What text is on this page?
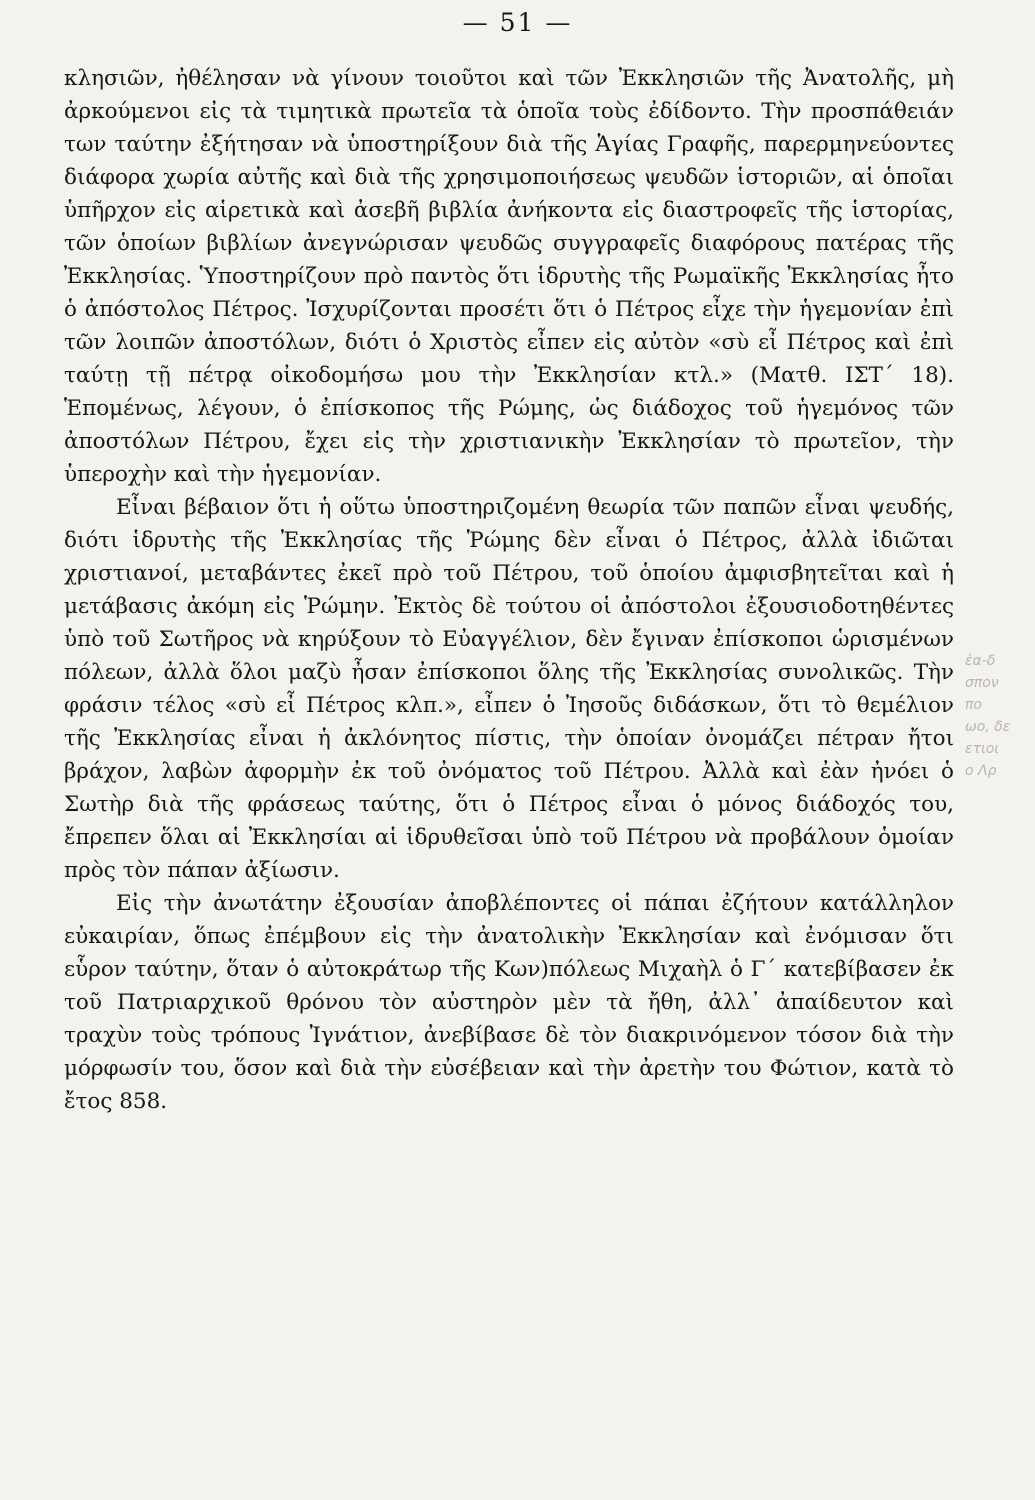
— 51 —

κλησιῶν, ἠθέλησαν νὰ γίνουν τοιοῦτοι καὶ τῶν Ἐκκλησιῶν τῆς Ἀνατολῆς, μὴ ἀρκούμενοι εἰς τὰ τιμητικὰ πρωτεῖα τὰ ὁποῖα τοὺς ἐδίδοντο. Τὴν προσπάθειάν των ταύτην ἐξήτησαν νὰ ὑποστηρίξουν διὰ τῆς Ἁγίας Γραφῆς, παρερμηνεύοντες διάφορα χωρία αὐτῆς καὶ διὰ τῆς χρησιμοποιήσεως ψευδῶν ἱστοριῶν, αἱ ὁποῖαι ὑπῆρχον εἰς αἱρετικὰ καὶ ἀσεβῆ βιβλία ἀνήκοντα εἰς διαστροφεῖς τῆς ἱστορίας, τῶν ὁποίων βιβλίων ἀνεγνώρισαν ψευδῶς συγγραφεῖς διαφόρους πατέρας τῆς Ἐκκλησίας. Ὑποστηρίζουν πρὸ παντὸς ὅτι ἱδρυτὴς τῆς Ρωμαϊκῆς Ἐκκλησίας ἦτο ὁ ἀπόστολος Πέτρος. Ἰσχυρίζονται προσέτι ὅτι ὁ Πέτρος εἶχε τὴν ἡγεμονίαν ἐπὶ τῶν λοιπῶν ἀποστόλων, διότι ὁ Χριστὸς εἶπεν εἰς αὐτὸν «σὺ εἶ Πέτρος καὶ ἐπὶ ταύτῃ τῇ πέτρᾳ οἰκοδομήσω μου τὴν Ἐκκλησίαν κτλ.» (Ματθ. ΙΣΤ´ 18). Ἑπομένως, λέγουν, ὁ ἐπίσκοπος τῆς Ρώμης, ὡς διάδοχος τοῦ ἡγεμόνος τῶν ἀποστόλων Πέτρου, ἔχει εἰς τὴν χριστιανικὴν Ἐκκλησίαν τὸ πρωτεῖον, τὴν ὑπεροχὴν καὶ τὴν ἡγεμονίαν.

Εἶναι βέβαιον ὅτι ἡ οὕτω ὑποστηριζομένη θεωρία τῶν παπῶν εἶναι ψευδής, διότι ἱδρυτὴς τῆς Ἐκκλησίας τῆς Ῥώμης δὲν εἶναι ὁ Πέτρος, ἀλλὰ ἰδιῶται χριστιανοί, μεταβάντες ἐκεῖ πρὸ τοῦ Πέτρου, τοῦ ὁποίου ἀμφισβητεῖται καὶ ἡ μετάβασις ἀκόμη εἰς Ῥώμην. Ἐκτὸς δὲ τούτου οἱ ἀπόστολοι ἐξουσιοδοτηθέντες ὑπὸ τοῦ Σωτῆρος νὰ κηρύξουν τὸ Εὐαγγέλιον, δὲν ἔγιναν ἐπίσκοποι ὡρισμένων πόλεων, ἀλλὰ ὅλοι μαζὺ ἦσαν ἐπίσκοποι ὅλης τῆς Ἐκκλησίας συνολικῶς. Τὴν φράσιν τέλος «σὺ εἶ Πέτρος κλπ.», εἶπεν ὁ Ἰησοῦς διδάσκων, ὅτι τὸ θεμέλιον τῆς Ἐκκλησίας εἶναι ἡ ἀκλόνητος πίστις, τὴν ὁποίαν ὀνομάζει πέτραν ἤτοι βράχον, λαβὼν ἀφορμὴν ἐκ τοῦ ὀνόματος τοῦ Πέτρου. Ἀλλὰ καὶ ἐὰν ἠνόει ὁ Σωτὴρ διὰ τῆς φράσεως ταύτης, ὅτι ὁ Πέτρος εἶναι ὁ μόνος διάδοχός του, ἔπρεπεν ὅλαι αἱ Ἐκκλησίαι αἱ ἱδρυθεῖσαι ὑπὸ τοῦ Πέτρου νὰ προβάλουν ὁμοίαν πρὸς τὸν πάπαν ἀξίωσιν.

Εἰς τὴν ἀνωτάτην ἐξουσίαν ἀποβλέποντες οἱ πάπαι ἐζήτουν κατάλληλον εὐκαιρίαν, ὅπως ἐπέμβουν εἰς τὴν ἀνατολικὴν Ἐκκλησίαν καὶ ἐνόμισαν ὅτι εὗρον ταύτην, ὅταν ὁ αὐτοκράτωρ τῆς Κων)πόλεως Μιχαὴλ ὁ Γ´ κατεβίβασεν ἐκ τοῦ Πατριαρχικοῦ θρόνου τὸν αὐστηρὸν μὲν τὰ ἤθη, ἀλλ᾽ ἀπαίδευτον καὶ τραχὺν τοὺς τρόπους Ἰγνάτιον, ἀνεβίβασε δὲ τὸν διακρινόμενον τόσον διὰ τὴν μόρφωσίν του, ὅσον καὶ διὰ τὴν εὐσέβειαν καὶ τὴν ἀρετὴν του Φώτιον, κατὰ τὸ ἔτος 858.

ἐα-δ
σπον
πο
ωο, δε
ετιοι
ο Λρ
